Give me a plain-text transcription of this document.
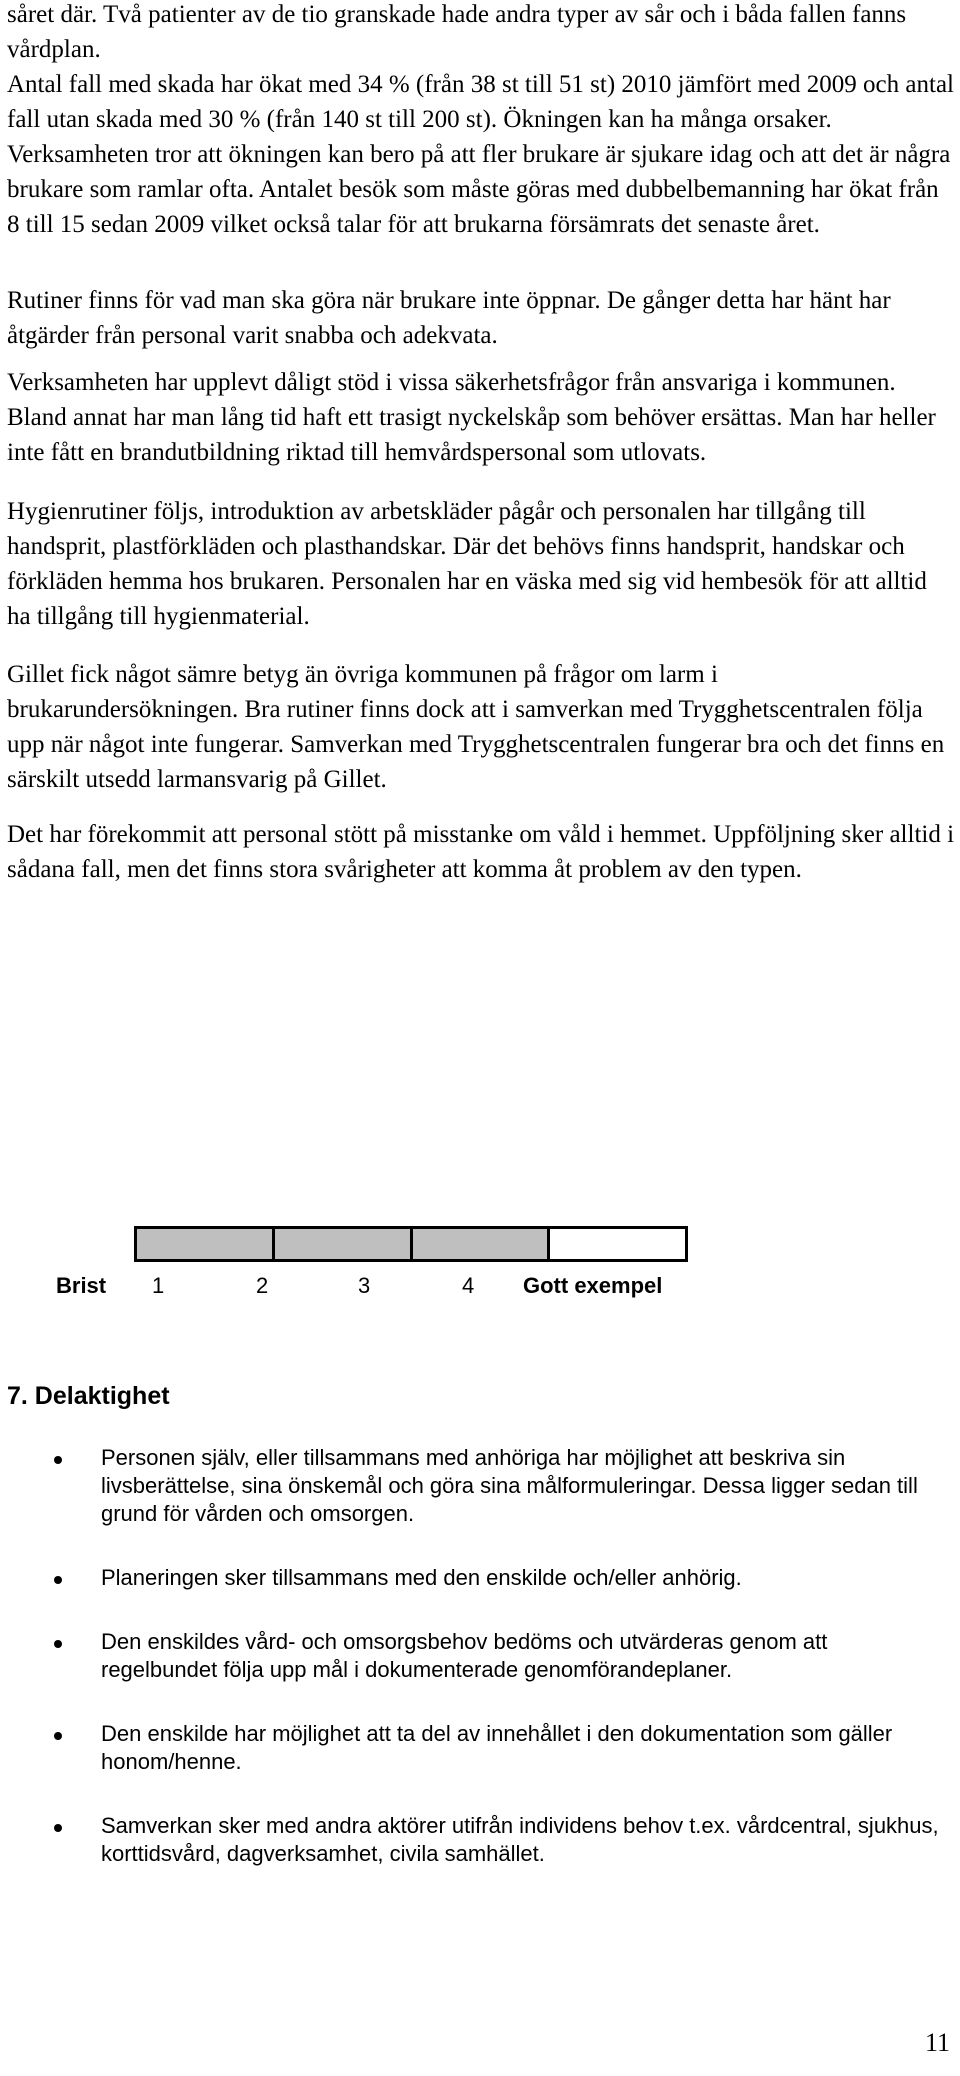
såret där. Två patienter av de tio granskade hade andra typer av sår och i båda fallen fanns vårdplan.

Antal fall med skada har ökat med 34 % (från 38 st till 51 st) 2010 jämfört med 2009 och antal fall utan skada med 30 % (från 140 st till 200 st). Ökningen kan ha många orsaker. Verksamheten tror att ökningen kan bero på att fler brukare är sjukare idag och att det är några brukare som ramlar ofta. Antalet besök som måste göras med dubbelbemanning har ökat från 8 till 15 sedan 2009 vilket också talar för att brukarna försämrats det senaste året.

Rutiner finns för vad man ska göra när brukare inte öppnar. De gånger detta har hänt har åtgärder från personal varit snabba och adekvata.

Verksamheten har upplevt dåligt stöd i vissa säkerhetsfrågor från ansvariga i kommunen. Bland annat har man lång tid haft ett trasigt nyckelskåp som behöver ersättas. Man har heller inte fått en brandutbildning riktad till hemvårdspersonal som utlovats.

Hygienrutiner följs, introduktion av arbetskläder pågår och personalen har tillgång till handsprit, plastförkläden och plasthandskar. Där det behövs finns handsprit, handskar och förkläden hemma hos brukaren. Personalen har en väska med sig vid hembesök för att alltid ha tillgång till hygienmaterial.

Gillet fick något sämre betyg än övriga kommunen på frågor om larm i brukarundersökningen. Bra rutiner finns dock att i samverkan med Trygghetscentralen följa upp när något inte fungerar. Samverkan med Trygghetscentralen fungerar bra och det finns en särskilt utsedd larmansvarig på Gillet.

Det har förekommit att personal stött på misstanke om våld i hemmet. Uppföljning sker alltid i sådana fall, men det finns stora svårigheter att komma åt problem av den typen.

Brist 1	2	3	4 Gott exempel
7. Delaktighet
Personen själv, eller tillsammans med anhöriga har möjlighet att beskriva sin livsberättelse, sina önskemål och göra sina målformuleringar. Dessa ligger sedan till grund för vården och omsorgen.
Planeringen sker tillsammans med den enskilde och/eller anhörig.
Den enskildes vård- och omsorgsbehov bedöms och utvärderas genom att regelbundet följa upp mål i dokumenterade genomförandeplaner.
Den enskilde har möjlighet att ta del av innehållet i den dokumentation som gäller honom/henne.
Samverkan sker med andra aktörer utifrån individens behov t.ex. vårdcentral, sjukhus, korttidsvård, dagverksamhet, civila samhället.
11
